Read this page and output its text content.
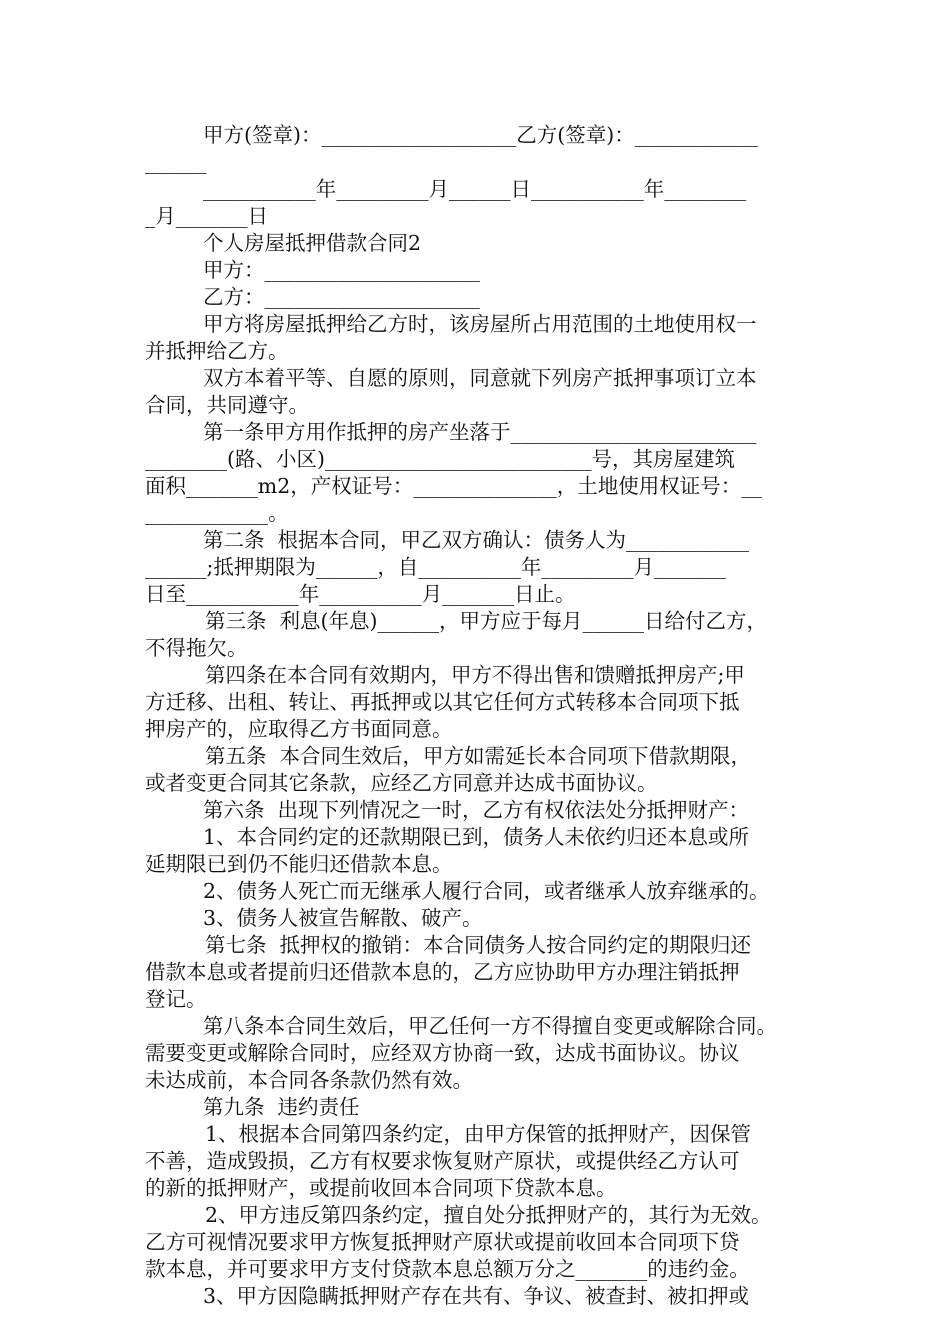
甲方(签章)：___________________乙方(签章)：____________
______
___________年_________月______日___________年________
_月_______日
个人房屋抵押借款合同2
甲方：_____________________
乙方：_____________________
甲方将房屋抵押给乙方时，该房屋所占用范围的土地使用权一
并抵押给乙方。
双方本着平等、自愿的原则，同意就下列房产抵押事项订立本
合同，共同遵守。
第一条甲方用作抵押的房产坐落于________________________
________(路、小区)__________________________号，其房屋建筑
面积_______m2，产权证号：______________，土地使用权证号：__
____________。
第二条  根据本合同，甲乙双方确认：债务人为____________
______;抵押期限为______，自__________年_________月_______
日至___________年__________月_______日止。
第三条  利息(年息)______，甲方应于每月______日给付乙方，
不得拖欠。
第四条在本合同有效期内，甲方不得出售和馈赠抵押房产;甲
方迁移、出租、转让、再抵押或以其它任何方式转移本合同项下抵
押房产的，应取得乙方书面同意。
第五条  本合同生效后，甲方如需延长本合同项下借款期限，
或者变更合同其它条款，应经乙方同意并达成书面协议。
第六条  出现下列情况之一时，乙方有权依法处分抵押财产：
1、本合同约定的还款期限已到，债务人未依约归还本息或所
延期限已到仍不能归还借款本息。
2、债务人死亡而无继承人履行合同，或者继承人放弃继承的。
3、债务人被宣告解散、破产。
第七条  抵押权的撤销：本合同债务人按合同约定的期限归还
借款本息或者提前归还借款本息的，乙方应协助甲方办理注销抵押
登记。
第八条本合同生效后，甲乙任何一方不得擅自变更或解除合同。
需要变更或解除合同时，应经双方协商一致，达成书面协议。协议
未达成前，本合同各条款仍然有效。
第九条  违约责任
1、根据本合同第四条约定，由甲方保管的抵押财产，因保管
不善，造成毁损，乙方有权要求恢复财产原状，或提供经乙方认可
的新的抵押财产，或提前收回本合同项下贷款本息。
2、甲方违反第四条约定，擅自处分抵押财产的，其行为无效。
乙方可视情况要求甲方恢复抵押财产原状或提前收回本合同项下贷
款本息，并可要求甲方支付贷款本息总额万分之_______的违约金。
3、甲方因隐瞒抵押财产存在共有、争议、被查封、被扣押或
